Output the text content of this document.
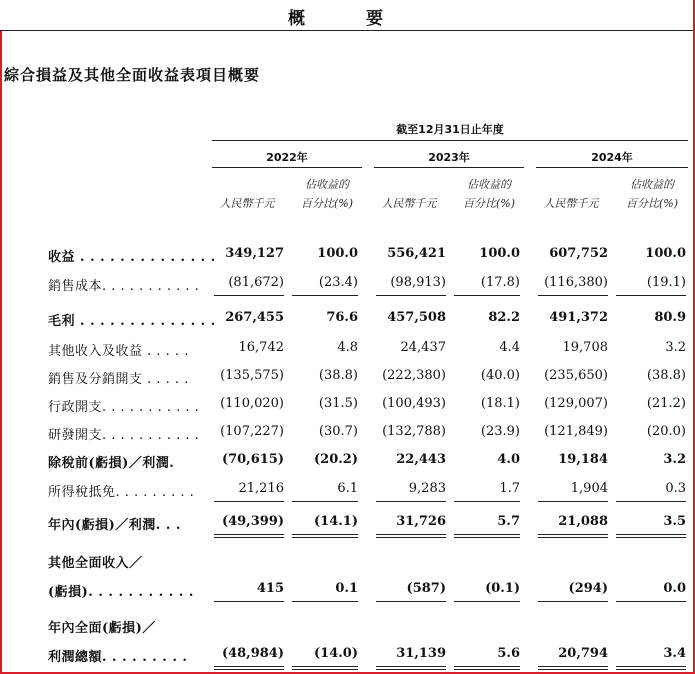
概　要
綜合損益及其他全面收益表項目概要
截至12月31日止年度
2022年	2023年	2024年
人民幣千元
佔收益的
百分比(%)	人民幣千元
佔收益的
百分比(%)	人民幣千元
佔收益的
百分比(%)
收益 . . . . . . . . . . . . . . 349,127	100.0 556,421	100.0 607,752	100.0
銷售成本. . . . . . . . . . . (81,672)	(23.4) (98,913)	(17.8) (116,380)	(19.1)
毛利 . . . . . . . . . . . . . . 267,455	76.6 457,508	82.2 491,372	80.9
其他收入及收益 . . . . .	16,742	4.8	24,437	4.4	19,708	3.2
銷售及分銷開支 . . . . . (135,575)	(38.8) (222,380)	(40.0) (235,650)	(38.8)
行政開支. . . . . . . . . . . (110,020)	(31.5) (100,493)	(18.1) (129,007)	(21.2)
研發開支. . . . . . . . . . . (107,227)	(30.7) (132,788)	(23.9) (121,849)	(20.0)
除稅前(虧損)／利潤.	(70,615) (20.2)	22,443	4.0	19,184	3.2
所得稅抵免. . . . . . . . .	21,216	6.1	9,283	1.7	1,904	0.3
年內(虧損)／利潤. . .	(49,399) (14.1)	31,726	5.7	21,088	3.5
其他全面收入／
(虧損). . . . . . . . . . .	415	0.1	(587)	(0.1)	(294)	0.0
年內全面(虧損)／
利潤總額. . . . . . . . .	(48,984) (14.0)	31,139	5.6	20,794	3.4
